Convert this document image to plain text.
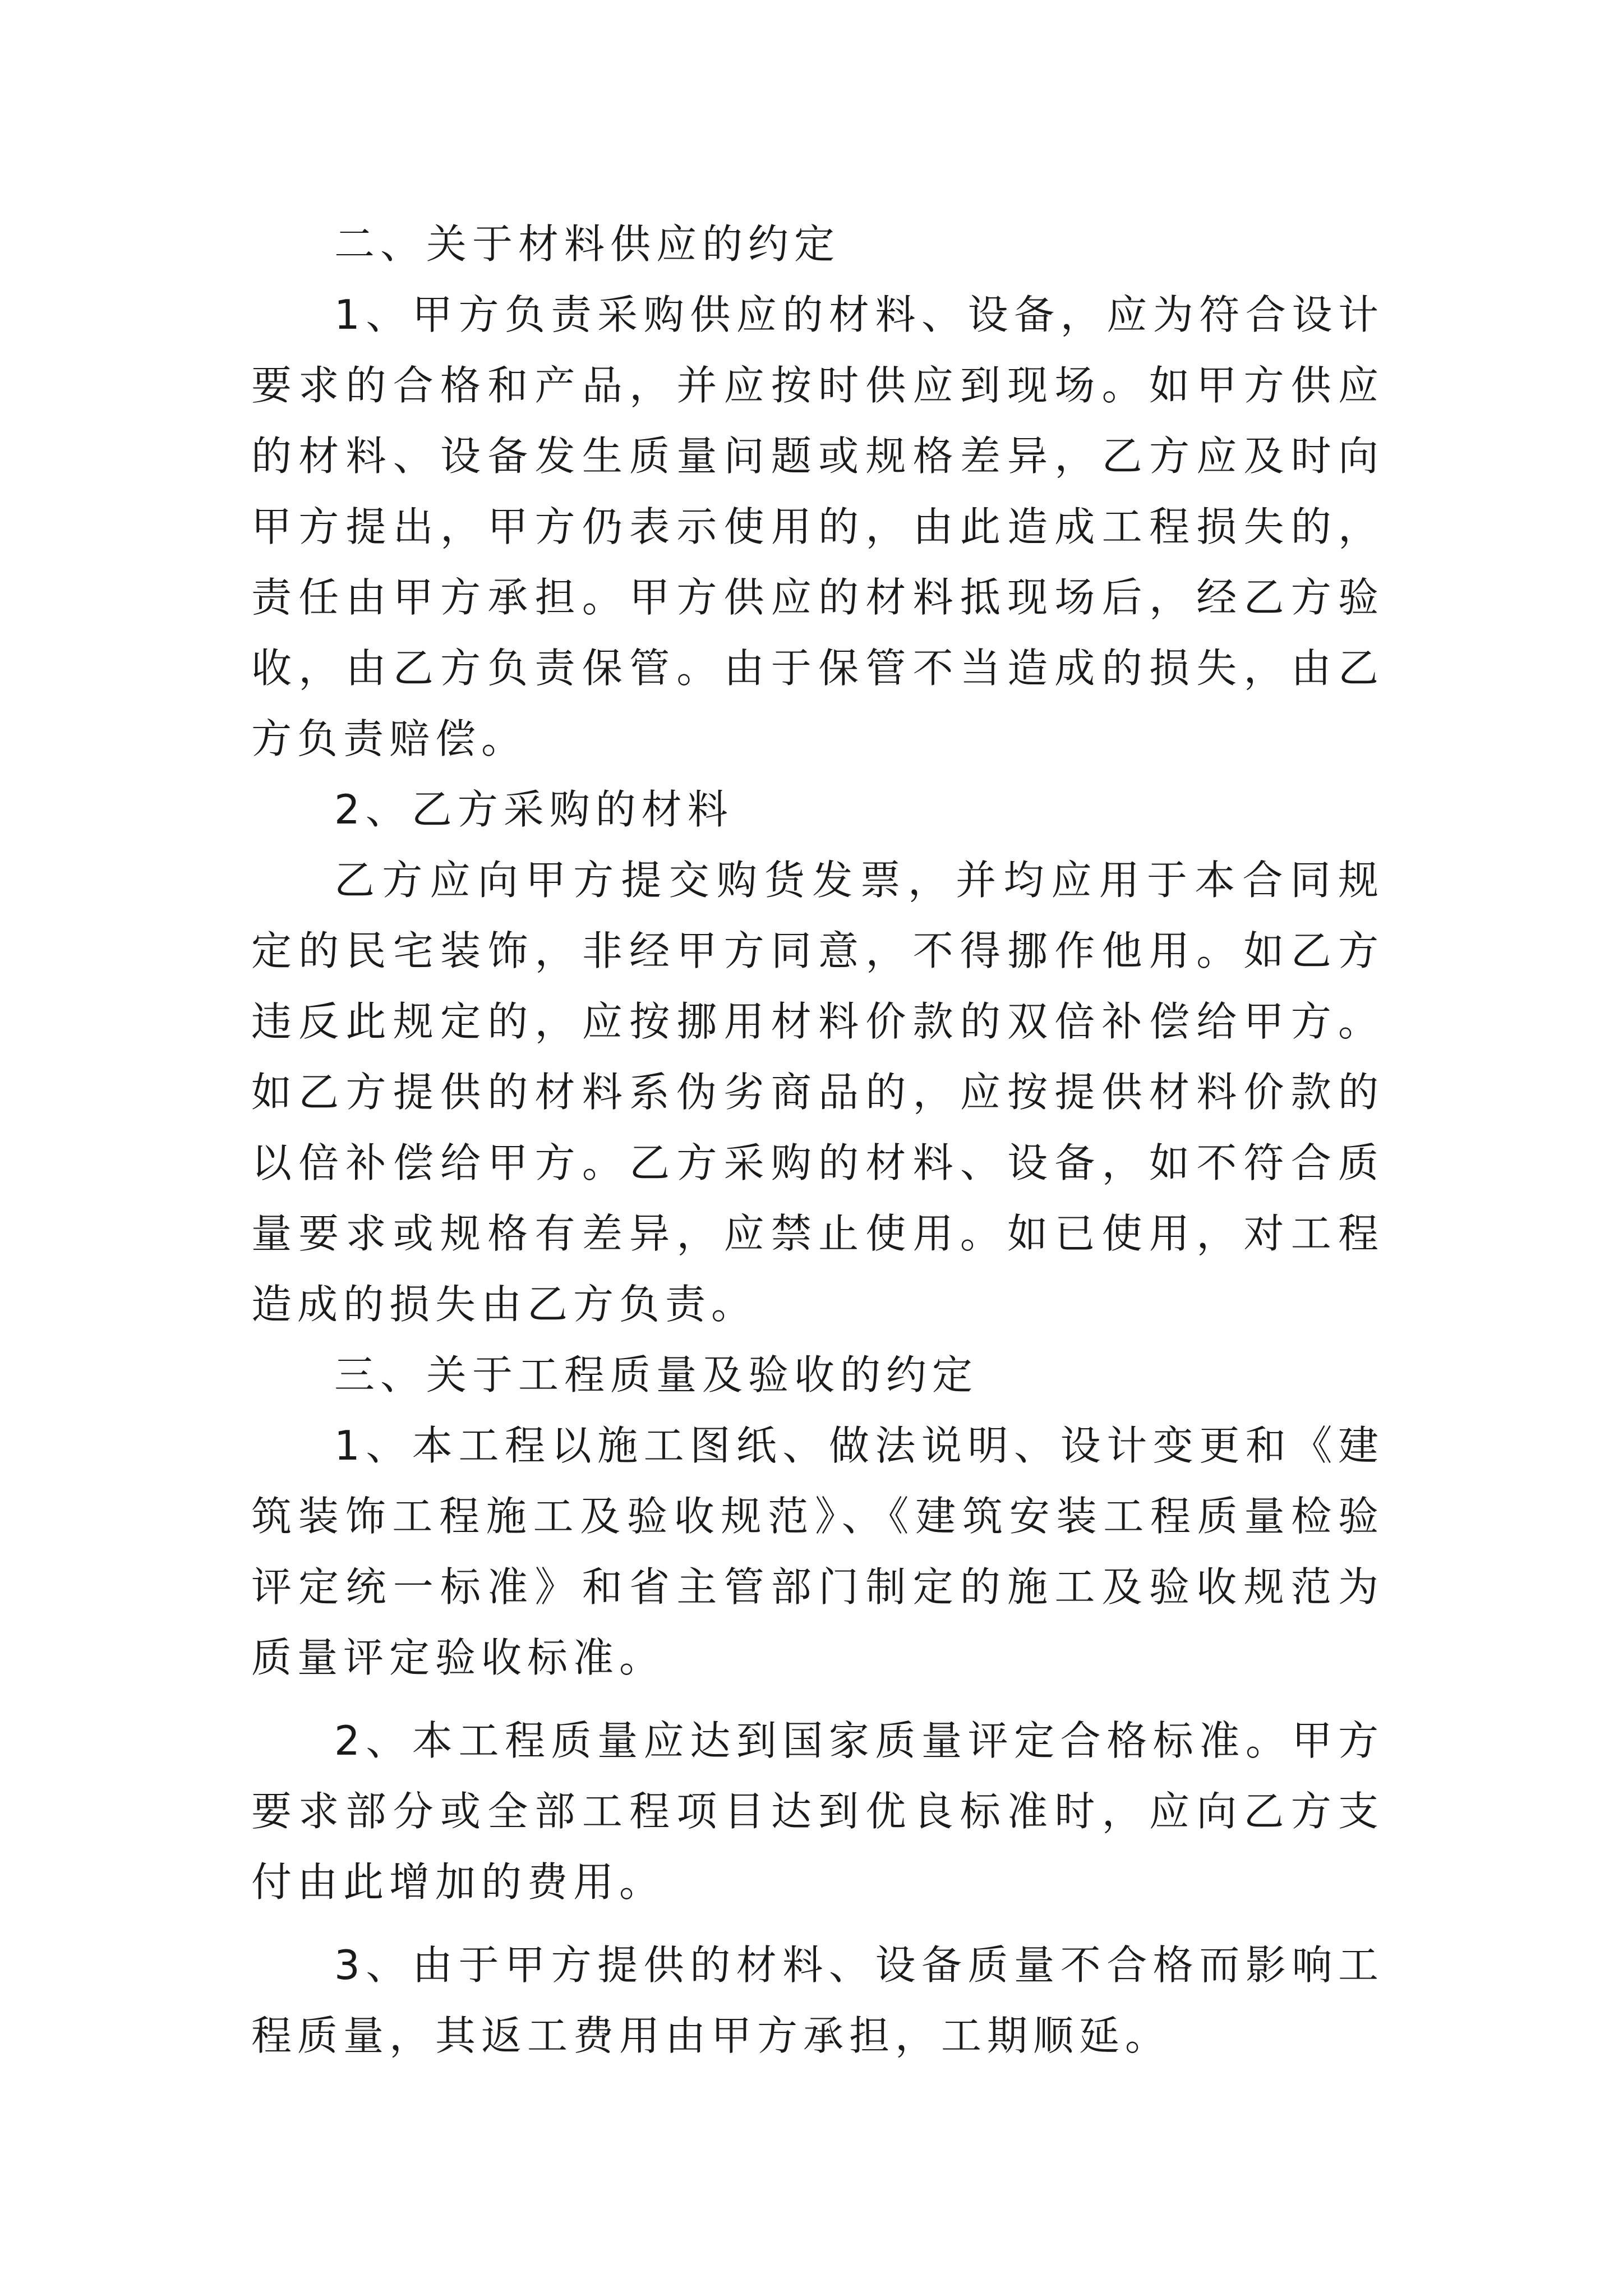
二、关于材料供应的约定

1、甲方负责采购供应的材料、设备，应为符合设计要求的合格和产品，并应按时供应到现场。如甲方供应的材料、设备发生质量问题或规格差异，乙方应及时向甲方提出，甲方仍表示使用的，由此造成工程损失的，责任由甲方承担。甲方供应的材料抵现场后，经乙方验收，由乙方负责保管。由于保管不当造成的损失，由乙方负责赔偿。

2、乙方采购的材料

乙方应向甲方提交购货发票，并均应用于本合同规定的民宅装饰，非经甲方同意，不得挪作他用。如乙方违反此规定的，应按挪用材料价款的双倍补偿给甲方。如乙方提供的材料系伪劣商品的，应按提供材料价款的以倍补偿给甲方。乙方采购的材料、设备，如不符合质量要求或规格有差异，应禁止使用。如已使用，对工程造成的损失由乙方负责。

三、关于工程质量及验收的约定

1、本工程以施工图纸、做法说明、设计变更和《建筑装饰工程施工及验收规范》、《建筑安装工程质量检验评定统一标准》和省主管部门制定的施工及验收规范为质量评定验收标准。

2、本工程质量应达到国家质量评定合格标准。甲方要求部分或全部工程项目达到优良标准时，应向乙方支付由此增加的费用。

3、由于甲方提供的材料、设备质量不合格而影响工程质量，其返工费用由甲方承担，工期顺延。
